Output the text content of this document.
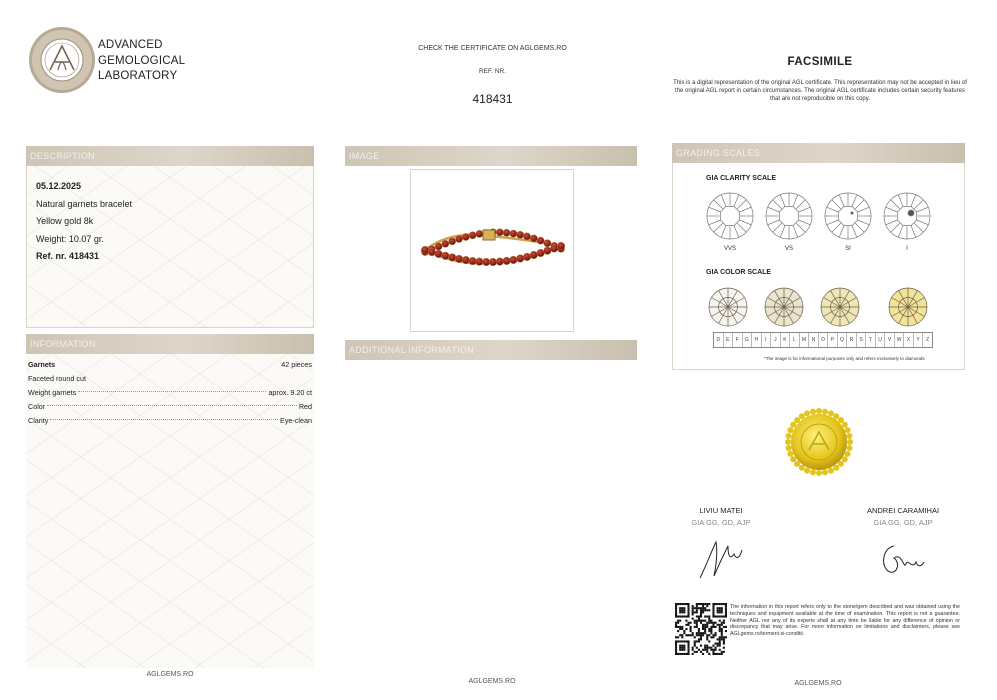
ADVANCED
GEMOLOGICAL
LABORATORY
CHECK THE CERTIFICATE ON AGLGEMS.RO
REF. NR.
418431
FACSIMILE
This is a digital representation of the original AGL certificate. This representation may not be accepted in lieu of the original AGL report in certain circumstances. The original AGL certificate includes certain security features that are not reproducible on this copy.
DESCRIPTION
05.12.2025
Natural garnets bracelet
Yellow gold 8k
Weight: 10.07 gr.
Ref. nr. 418431
INFORMATION
Garnets	42 pieces
Faceted round cut
Weight garnets	aprox. 9.20 ct
Color	Red
Clarity	Eye-clean
AGLGEMS.RO
IMAGE
ADDITIONAL INFORMATION
AGLGEMS.RO
GRADING SCALES
GIA CLARITY SCALE
VVS	VS	SI	I
GIA COLOR SCALE
D	E	F	G	H	I	J	K	L	M	N	O	P	Q	R	S	T	U	V	W	X	Y	Z
*The image is for informational purposes only and refers exclusively to diamonds
LIVIU MATEI
GIA GG, GD, AJP
ANDREI CARAMIHAI
GIA GG, GD, AJP
The information in this report refers only to the stone/gem described and was obtained using the techniques and equipment available at the time of examination. This report is not a guarantee. Neither AGL nor any of its experts shall at any time be liable for any difference of opinion or discrepancy that may arise. For more information on limitations and disclaimers, please see AGLgems.ro/termeni-si-conditii.
AGLGEMS.RO
